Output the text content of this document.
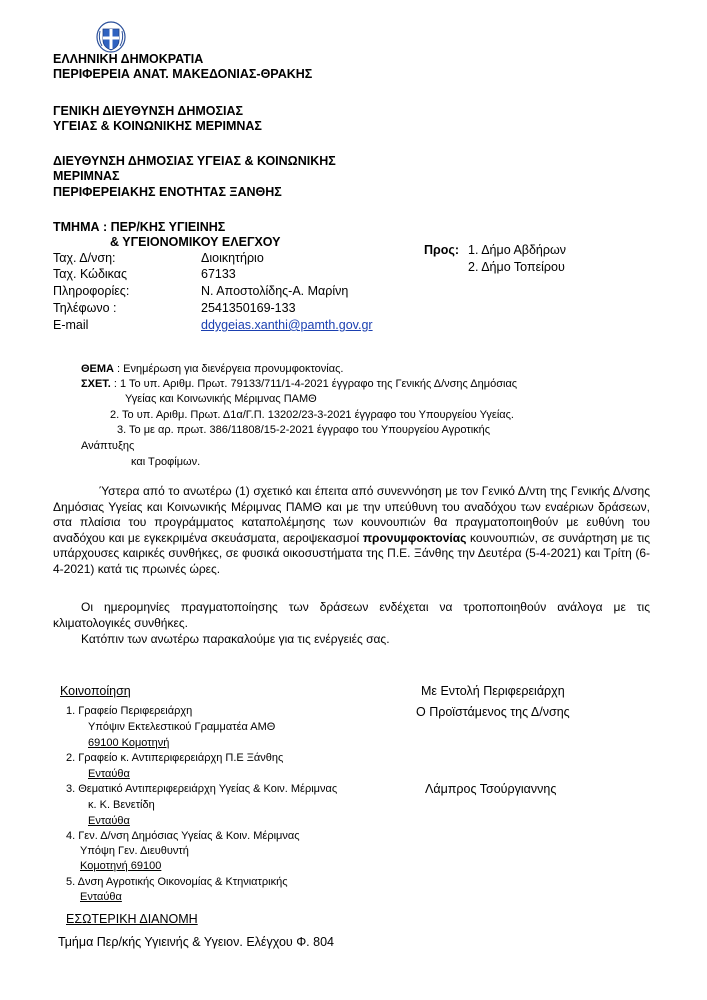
ΕΛΛΗΝΙΚΗ ΔΗΜΟΚΡΑΤΙΑ
ΠΕΡΙΦΕΡΕΙΑ ΑΝΑΤ. ΜΑΚΕΔΟΝΙΑΣ-ΘΡΑΚΗΣ
ΓΕΝΙΚΗ ΔΙΕΥΘΥΝΣΗ ΔΗΜΟΣΙΑΣ
ΥΓΕΙΑΣ & ΚΟΙΝΩΝΙΚΗΣ ΜΕΡΙΜΝΑΣ
ΔΙΕΥΘΥΝΣΗ ΔΗΜΟΣΙΑΣ ΥΓΕΙΑΣ & ΚΟΙΝΩΝΙΚΗΣ
ΜΕΡΙΜΝΑΣ
ΠΕΡΙΦΕΡΕΙΑΚΗΣ ΕΝΟΤΗΤΑΣ ΞΑΝΘΗΣ
ΤΜΗΜΑ : ΠΕΡ/ΚΗΣ ΥΓΙΕΙΝΗΣ
& ΥΓΕΙΟΝΟΜΙΚΟΥ ΕΛΕΓΧΟΥ
Ταχ. Δ/νση:	Διοικητήριο
Ταχ. Κώδικας	67133
Πληροφορίες:	Ν. Αποστολίδης-Α. Μαρίνη
Τηλέφωνο :	2541350169-133
E-mail	ddygeias.xanthi@pamth.gov.gr
Προς: 1. Δήμο Αβδήρων
2. Δήμο Τοπείρου
ΘΕΜΑ : Ενημέρωση για διενέργεια προνυμφοκτονίας.
ΣΧΕΤ. : 1 Το υπ. Αριθμ. Πρωτ. 79133/711/1-4-2021 έγγραφο της Γενικής Δ/νσης Δημόσιας
Υγείας και Κοινωνικής Μέριμνας ΠΑΜΘ
2. Το υπ. Αριθμ. Πρωτ. Δ1α/Γ.Π. 13202/23-3-2021 έγγραφο του Υπουργείου Υγείας.
3. Το με αρ. πρωτ. 386/11808/15-2-2021 έγγραφο του Υπουργείου Αγροτικής
Ανάπτυξης
και Τροφίμων.
Ύστερα από το ανωτέρω (1) σχετικό και έπειτα από συνεννόηση με τον Γενικό Δ/ντη της Γενικής Δ/νσης Δημόσιας Υγείας και Κοινωνικής Μέριμνας ΠΑΜΘ και με την υπεύθυνη του αναδόχου των εναέριων δράσεων, στα πλαίσια του προγράμματος καταπολέμησης των κουνουπιών θα πραγματοποιηθούν με ευθύνη του αναδόχου και με εγκεκριμένα σκευάσματα, αεροψεκασμοί προνυμφοκτονίας κουνουπιών, σε συνάρτηση με τις υπάρχουσες καιρικές συνθήκες, σε φυσικά οικοσυστήματα της Π.Ε. Ξάνθης την Δευτέρα (5-4-2021) και Τρίτη (6-4-2021) κατά τις πρωινές ώρες.
Οι ημερομηνίες πραγματοποίησης των δράσεων ενδέχεται να τροποποιηθούν ανάλογα με τις κλιματολογικές συνθήκες.
Κατόπιν των ανωτέρω παρακαλούμε για τις ενέργειές σας.
Κοινοποίηση
1. Γραφείο Περιφερειάρχη
Υπόψιν Εκτελεστικού Γραμματέα ΑΜΘ
69100 Κομοτηνή
2. Γραφείο κ. Αντιπεριφερειάρχη Π.Ε Ξάνθης
Ενταύθα
3. Θεματικό Αντιπεριφερειάρχη Υγείας & Κοιν. Μέριμνας
κ. Κ. Βενετίδη
Ενταύθα
4. Γεν. Δ/νση Δημόσιας Υγείας & Κοιν. Μέριμνας
Υπόψη Γεν. Διευθυντή
Κομοτηνή 69100
5. Δνση Αγροτικής Οικονομίας & Κτηνιατρικής
Ενταύθα
Με Εντολή Περιφερειάρχη
Ο Προϊστάμενος της Δ/νσης
Λάμπρος Τσούργιαννης
ΕΣΩΤΕΡΙΚΗ ΔΙΑΝΟΜΗ
Τμήμα Περ/κής Υγιεινής & Υγειον. Ελέγχου Φ. 804
